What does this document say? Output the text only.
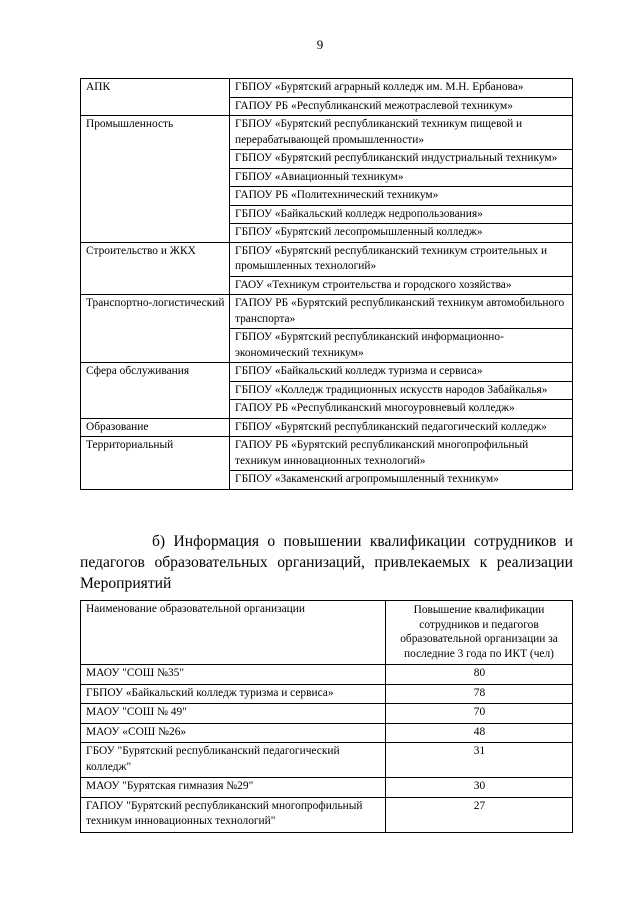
9
АПК	ГБПОУ «Бурятский аграрный колледж им. М.Н. Ербанова»
	ГАПОУ РБ «Республиканский межотраслевой техникум»
Промышленность	ГБПОУ «Бурятский республиканский техникум пищевой и перерабатывающей промышленности»
	ГБПОУ «Бурятский республиканский индустриальный техникум»
	ГБПОУ «Авиационный техникум»
	ГАПОУ РБ «Политехнический техникум»
	ГБПОУ «Байкальский колледж недропользования»
	ГБПОУ «Бурятский лесопромышленный колледж»
Строительство и ЖКХ	ГБПОУ «Бурятский республиканский техникум строительных и промышленных технологий»
	ГАОУ «Техникум строительства и городского хозяйства»
Транспортно-логистический	ГАПОУ РБ «Бурятский республиканский техникум автомобильного транспорта»
	ГБПОУ «Бурятский республиканский информационно-экономический техникум»
Сфера обслуживания	ГБПОУ «Байкальский колледж туризма и сервиса»
	ГБПОУ «Колледж традиционных искусств народов Забайкалья»
	ГАПОУ РБ «Республиканский многоуровневый колледж»
Образование	ГБПОУ «Бурятский республиканский педагогический колледж»
Территориальный	ГАПОУ РБ «Бурятский республиканский многопрофильный техникум инновационных технологий»
	ГБПОУ «Закаменский агропромышленный техникум»
б) Информация о повышении квалификации сотрудников и педагогов образовательных организаций, привлекаемых к реализации Мероприятий
Наименование образовательной организации	Повышение квалификации сотрудников и педагогов образовательной организации за последние 3 года по ИКТ (чел)
МАОУ "СОШ №35"	80
ГБПОУ «Байкальский колледж туризма и сервиса»	78
МАОУ "СОШ № 49"	70
МАОУ «СОШ №26»	48
ГБОУ "Бурятский республиканский педагогический колледж"	31
МАОУ "Бурятская гимназия №29"	30
ГАПОУ "Бурятский республиканский многопрофильный техникум инновационных технологий"	27
